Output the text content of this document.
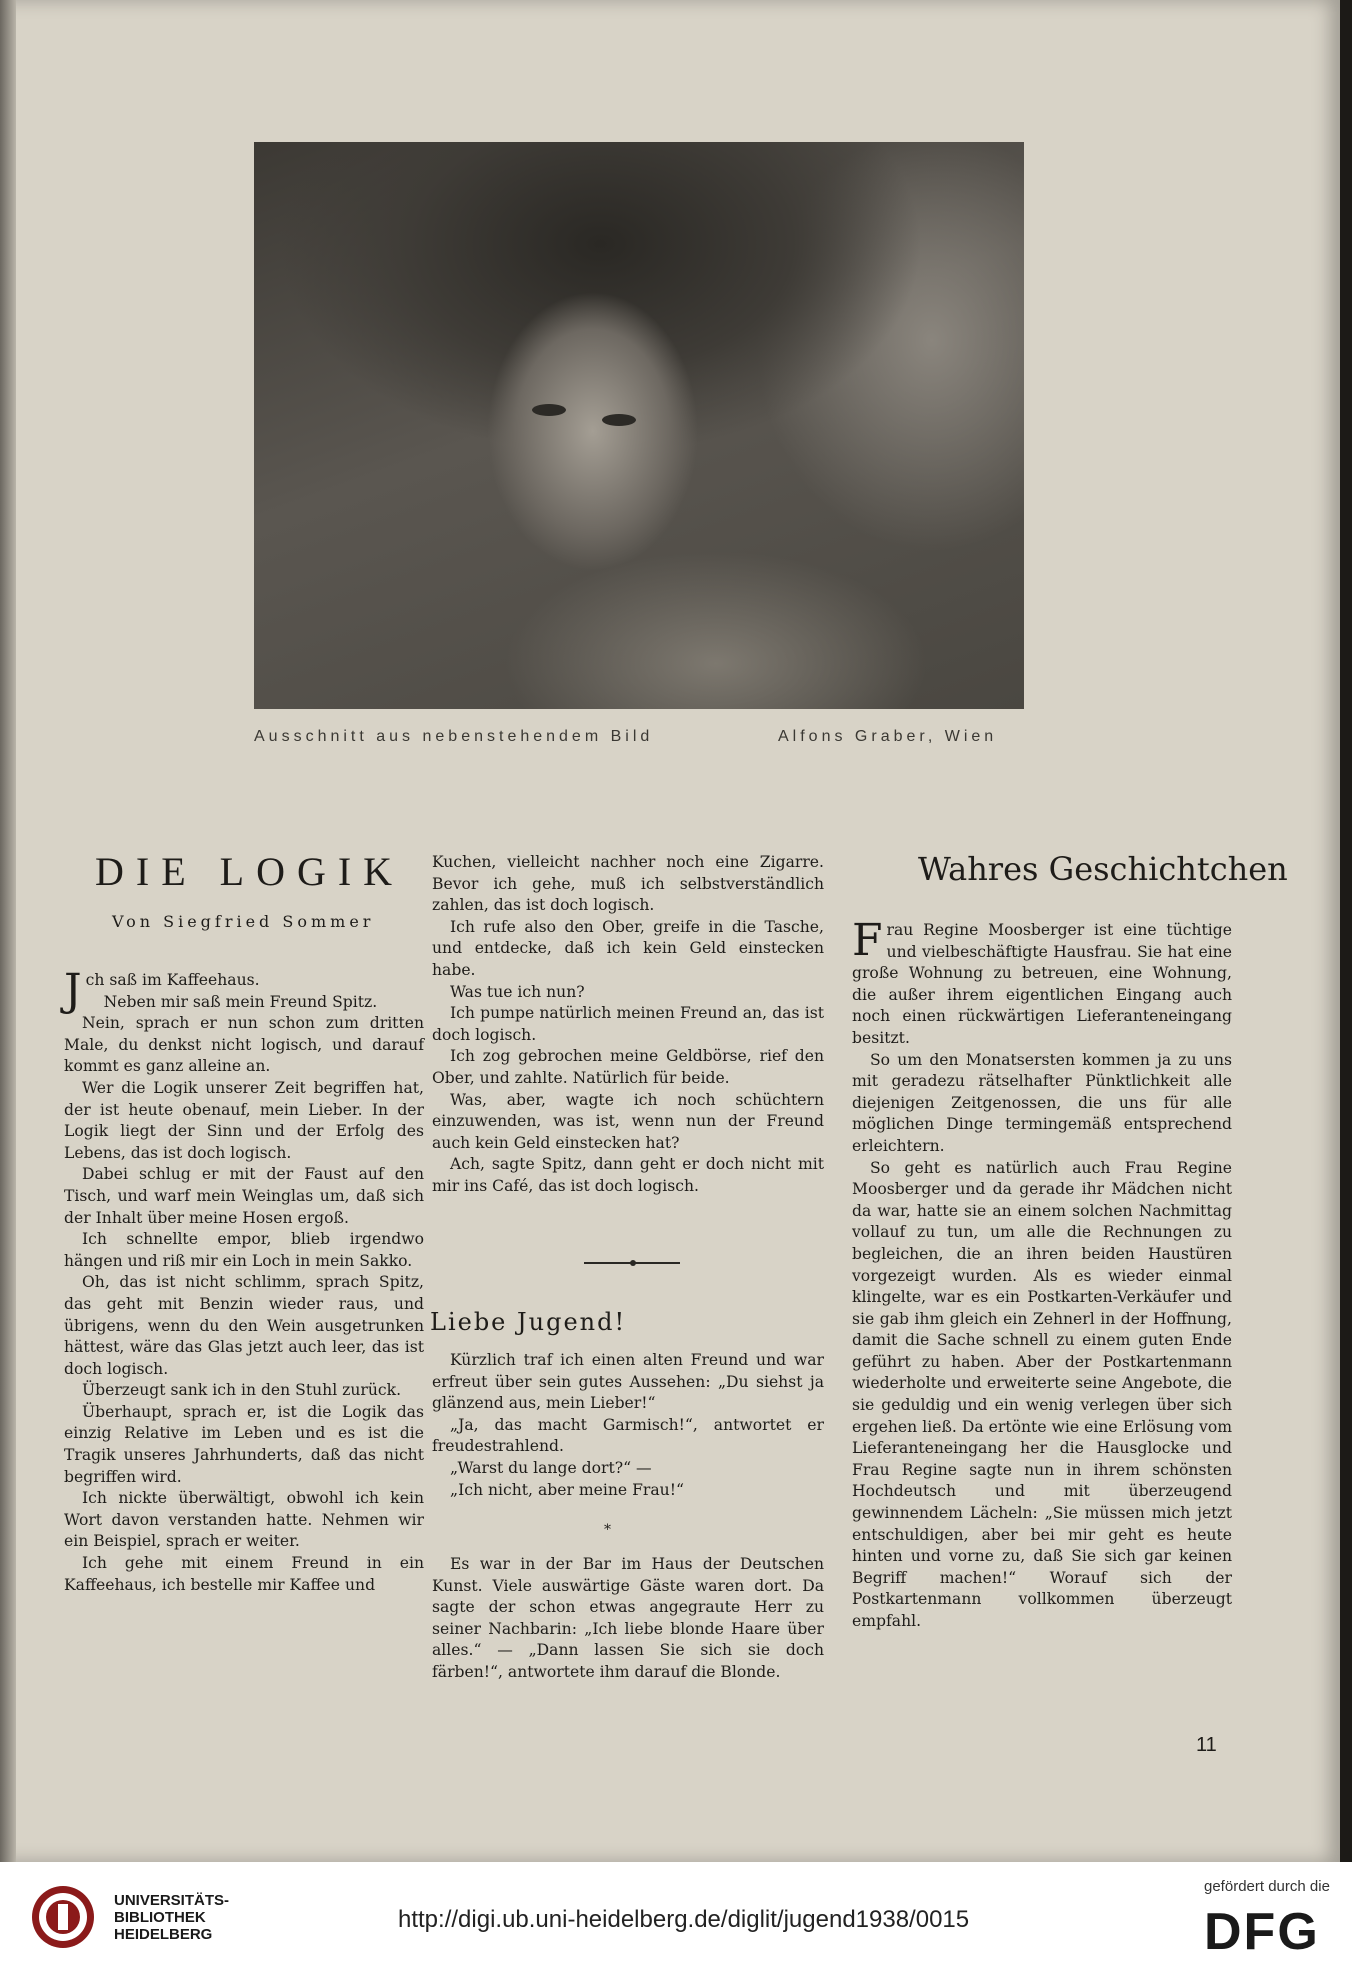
Ausschnitt aus nebenstehendem Bild	Alfons Graber, Wien
DIE LOGIK
Von Siegfried Sommer

Jch saß im Kaffeehaus.

Neben mir saß mein Freund Spitz.

Nein, sprach er nun schon zum dritten Male, du denkst nicht logisch, und darauf kommt es ganz alleine an.

Wer die Logik unserer Zeit begriffen hat, der ist heute obenauf, mein Lieber. In der Logik liegt der Sinn und der Erfolg des Lebens, das ist doch logisch.

Dabei schlug er mit der Faust auf den Tisch, und warf mein Weinglas um, daß sich der Inhalt über meine Hosen ergoß.

Ich schnellte empor, blieb irgendwo hängen und riß mir ein Loch in mein Sakko.

Oh, das ist nicht schlimm, sprach Spitz, das geht mit Benzin wieder raus, und übrigens, wenn du den Wein ausgetrunken hättest, wäre das Glas jetzt auch leer, das ist doch logisch.

Überzeugt sank ich in den Stuhl zurück.

Überhaupt, sprach er, ist die Logik das einzig Relative im Leben und es ist die Tragik unseres Jahrhunderts, daß das nicht begriffen wird.

Ich nickte überwältigt, obwohl ich kein Wort davon verstanden hatte. Nehmen wir ein Beispiel, sprach er weiter.

Ich gehe mit einem Freund in ein Kaffeehaus, ich bestelle mir Kaffee und

Kuchen, vielleicht nachher noch eine Zigarre. Bevor ich gehe, muß ich selbstverständlich zahlen, das ist doch logisch.

Ich rufe also den Ober, greife in die Tasche, und entdecke, daß ich kein Geld einstecken habe.

Was tue ich nun?

Ich pumpe natürlich meinen Freund an, das ist doch logisch.

Ich zog gebrochen meine Geldbörse, rief den Ober, und zahlte. Natürlich für beide.

Was, aber, wagte ich noch schüchtern einzuwenden, was ist, wenn nun der Freund auch kein Geld einstecken hat?

Ach, sagte Spitz, dann geht er doch nicht mit mir ins Café, das ist doch logisch.

Liebe Jugend!

Kürzlich traf ich einen alten Freund und war erfreut über sein gutes Aussehen: „Du siehst ja glänzend aus, mein Lieber!“

„Ja, das macht Garmisch!“, antwortet er freudestrahlend.

„Warst du lange dort?“ —

„Ich nicht, aber meine Frau!“

*

Es war in der Bar im Haus der Deutschen Kunst. Viele auswärtige Gäste waren dort. Da sagte der schon etwas angegraute Herr zu seiner Nachbarin: „Ich liebe blonde Haare über alles.“ — „Dann lassen Sie sich sie doch färben!“, antwortete ihm darauf die Blonde.

Wahres Geschichtchen

Frau Regine Moosberger ist eine tüchtige und vielbeschäftigte Hausfrau. Sie hat eine große Wohnung zu betreuen, eine Wohnung, die außer ihrem eigentlichen Eingang auch noch einen rückwärtigen Lieferanteneingang besitzt.

So um den Monatsersten kommen ja zu uns mit geradezu rätselhafter Pünktlichkeit alle diejenigen Zeitgenossen, die uns für alle möglichen Dinge termingemäß entsprechend erleichtern.

So geht es natürlich auch Frau Regine Moosberger und da gerade ihr Mädchen nicht da war, hatte sie an einem solchen Nachmittag vollauf zu tun, um alle die Rechnungen zu begleichen, die an ihren beiden Haustüren vorgezeigt wurden. Als es wieder einmal klingelte, war es ein Postkarten-Verkäufer und sie gab ihm gleich ein Zehnerl in der Hoffnung, damit die Sache schnell zu einem guten Ende geführt zu haben. Aber der Postkartenmann wiederholte und erweiterte seine Angebote, die sie geduldig und ein wenig verlegen über sich ergehen ließ. Da ertönte wie eine Erlösung vom Lieferanteneingang her die Hausglocke und Frau Regine sagte nun in ihrem schönsten Hochdeutsch und mit überzeugend gewinnendem Lächeln: „Sie müssen mich jetzt entschuldigen, aber bei mir geht es heute hinten und vorne zu, daß Sie sich gar keinen Begriff machen!“ Worauf sich der Postkartenmann vollkommen überzeugt empfahl.

11
UNIVERSITÄTS-
BIBLIOTHEK
HEIDELBERG
http://digi.ub.uni-heidelberg.de/diglit/jugend1938/0015
gefördert durch die
DFG
